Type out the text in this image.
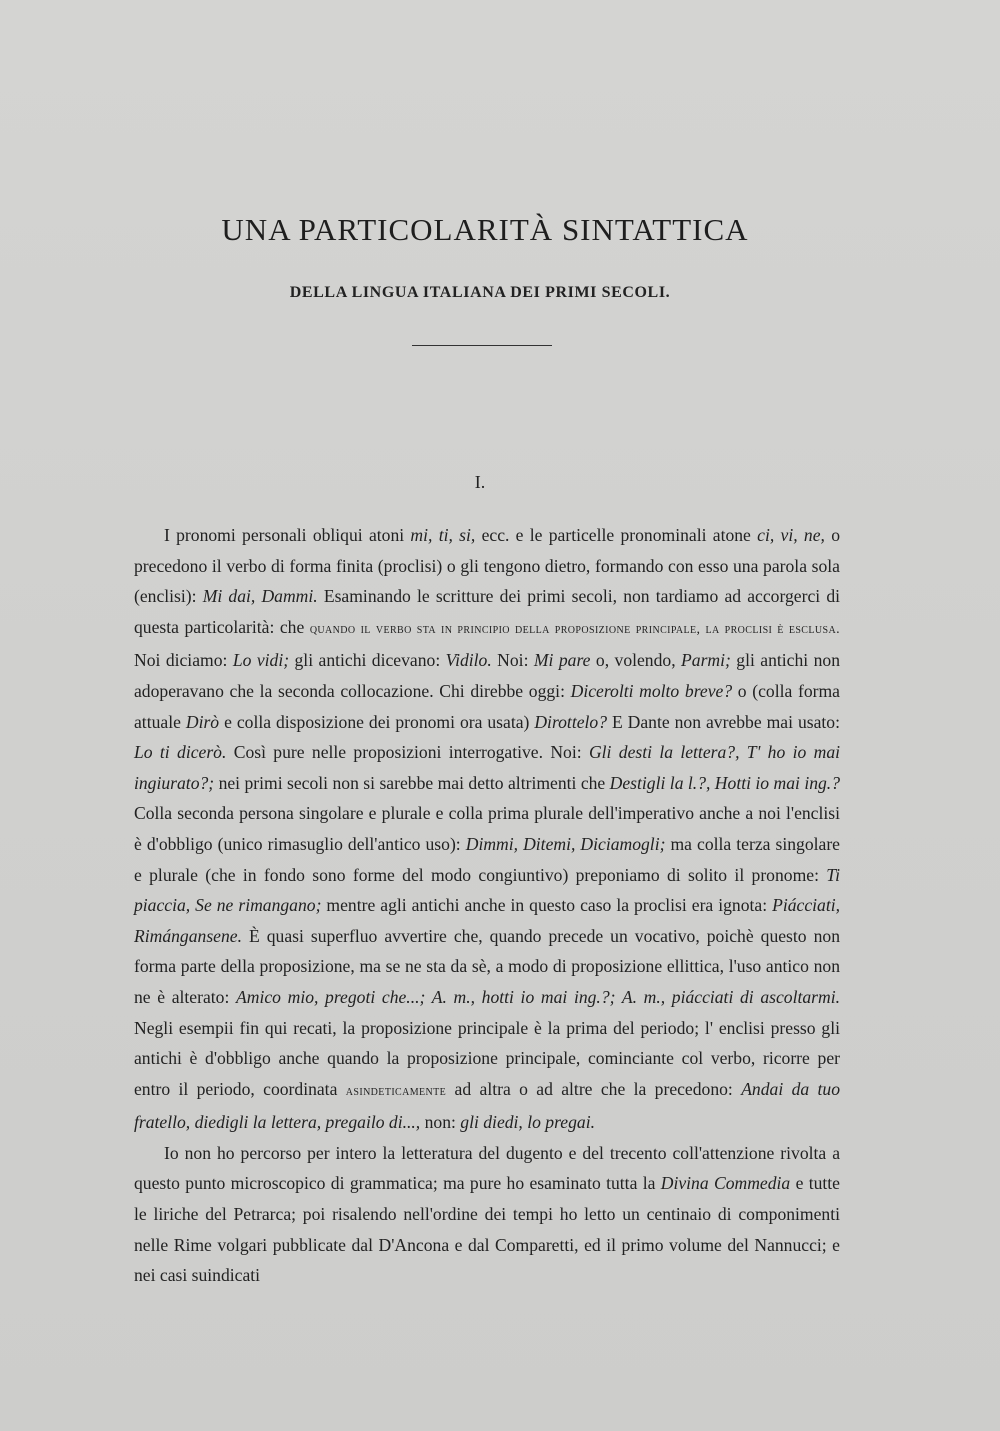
UNA PARTICOLARITÀ SINTATTICA
DELLA LINGUA ITALIANA DEI PRIMI SECOLI.
I.

I pronomi personali obliqui atoni mi, ti, si, ecc. e le particelle pronominali atone ci, vi, ne, o precedono il verbo di forma finita (proclisi) o gli tengono dietro, formando con esso una parola sola (enclisi): Mi dai, Dammi. Esaminando le scritture dei primi secoli, non tardiamo ad accorgerci di questa particolarità: che quando il verbo sta in principio della proposizione principale, la proclisi è esclusa. Noi diciamo: Lo vidi; gli antichi dicevano: Vidilo. Noi: Mi pare o, volendo, Parmi; gli antichi non adoperavano che la seconda collocazione. Chi direbbe oggi: Dicerolti molto breve? o (colla forma attuale Dirò e colla disposizione dei pronomi ora usata) Dirottelo? E Dante non avrebbe mai usato: Lo ti dicerò. Così pure nelle proposizioni interrogative. Noi: Gli desti la lettera?, T' ho io mai ingiurato?; nei primi secoli non si sarebbe mai detto altrimenti che Destigli la l.?, Hotti io mai ing.? Colla seconda persona singolare e plurale e colla prima plurale dell'imperativo anche a noi l'enclisi è d'obbligo (unico rimasuglio dell'antico uso): Dimmi, Ditemi, Diciamogli; ma colla terza singolare e plurale (che in fondo sono forme del modo congiuntivo) preponiamo di solito il pronome: Ti piaccia, Se ne rimangano; mentre agli antichi anche in questo caso la proclisi era ignota: Piácciati, Rimángansene. È quasi superfluo avvertire che, quando precede un vocativo, poichè questo non forma parte della proposizione, ma se ne sta da sè, a modo di proposizione ellittica, l'uso antico non ne è alterato: Amico mio, pregoti che...; A. m., hotti io mai ing.?; A. m., piácciati di ascoltarmi. Negli esempii fin qui recati, la proposizione principale è la prima del periodo; l' enclisi presso gli antichi è d'obbligo anche quando la proposizione principale, cominciante col verbo, ricorre per entro il periodo, coordinata asindeticamente ad altra o ad altre che la precedono: Andai da tuo fratello, diedigli la lettera, pregailo di..., non: gli diedi, lo pregai.

Io non ho percorso per intero la letteratura del dugento e del trecento coll'attenzione rivolta a questo punto microscopico di grammatica; ma pure ho esaminato tutta la Divina Commedia e tutte le liriche del Petrarca; poi risalendo nell'ordine dei tempi ho letto un centinaio di componimenti nelle Rime volgari pubblicate dal D'Ancona e dal Comparetti, ed il primo volume del Nannucci; e nei casi suindicati
